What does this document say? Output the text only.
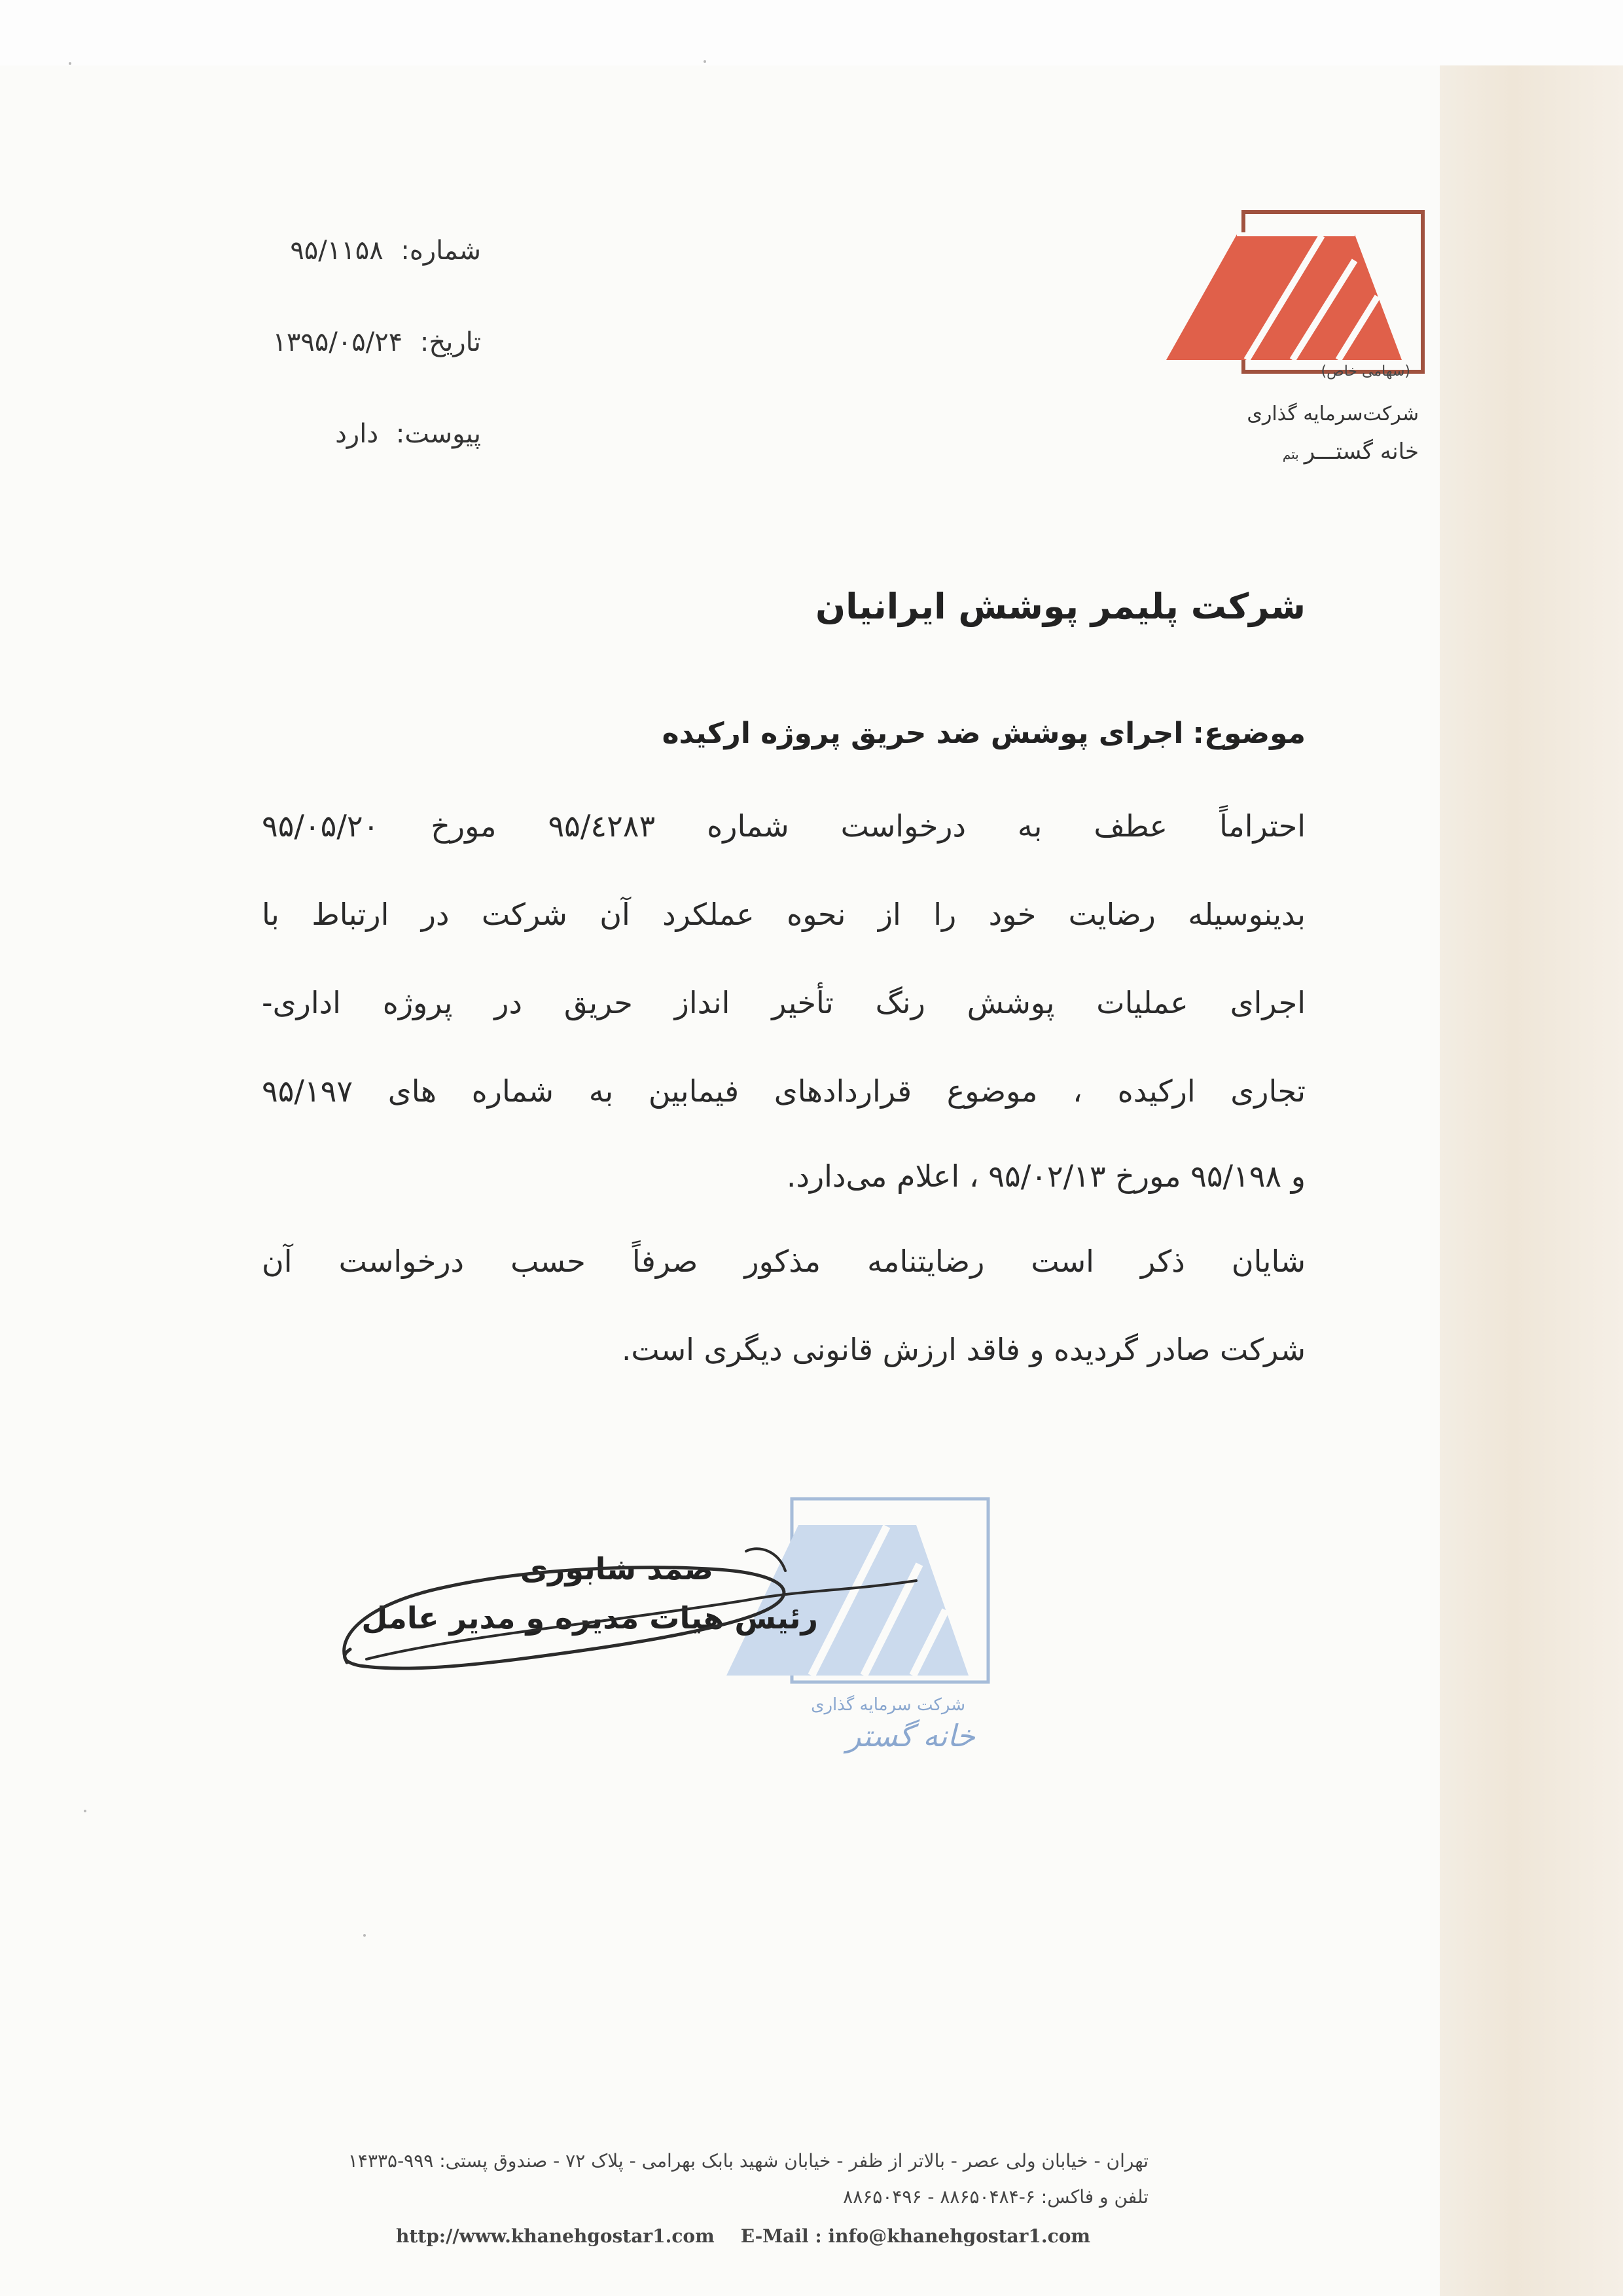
(سهامی خاص)
شرکت‌سرمایه گذاری
خانه گستـــربتم
شماره: ۹۵/۱۱۵۸
تاریخ: ۱۳۹۵/۰۵/۲۴
پیوست: دارد
شرکت پلیمر پوشش ایرانیان
موضوع:اجرای پوشش ضد حریق پروژه ارکیده
احتراماً عطف به درخواست شماره ۹۵/٤۲۸۳ مورخ ۹۵/۰۵/۲۰
بدینوسیله رضایت خود را از نحوه عملکرد آن شرکت در ارتباط با
اجرای عملیات پوشش رنگ تأخیر انداز حریق در پروژه اداری-
تجاری ارکیده ، موضوع قراردادهای فیمابین به شماره های ۹۵/۱۹۷
و ۹۵/۱۹۸ مورخ ۹۵/۰۲/۱۳ ، اعلام می‌دارد.
شایان ذکر است رضایتنامه مذکور صرفاً حسب درخواست آن
شرکت صادر گردیده و فاقد ارزش قانونی دیگری است.
شرکت سرمایه گذاری
خانه گستر
صمد شابوری
رئیس هیات مدیره و مدیر عامل
تهران - خیابان ولی عصر - بالاتر از ظفر - خیابان شهید بابک بهرامی - پلاک ۷۲ - صندوق پستی: ۹۹۹-۱۴۳۳۵
تلفن و فاکس: ۶-۸۸۶۵۰۴۸۴ - ۸۸۶۵۰۴۹۶
http://www.khanehgostar1.com E-Mail : info@khanehgostar1.com
